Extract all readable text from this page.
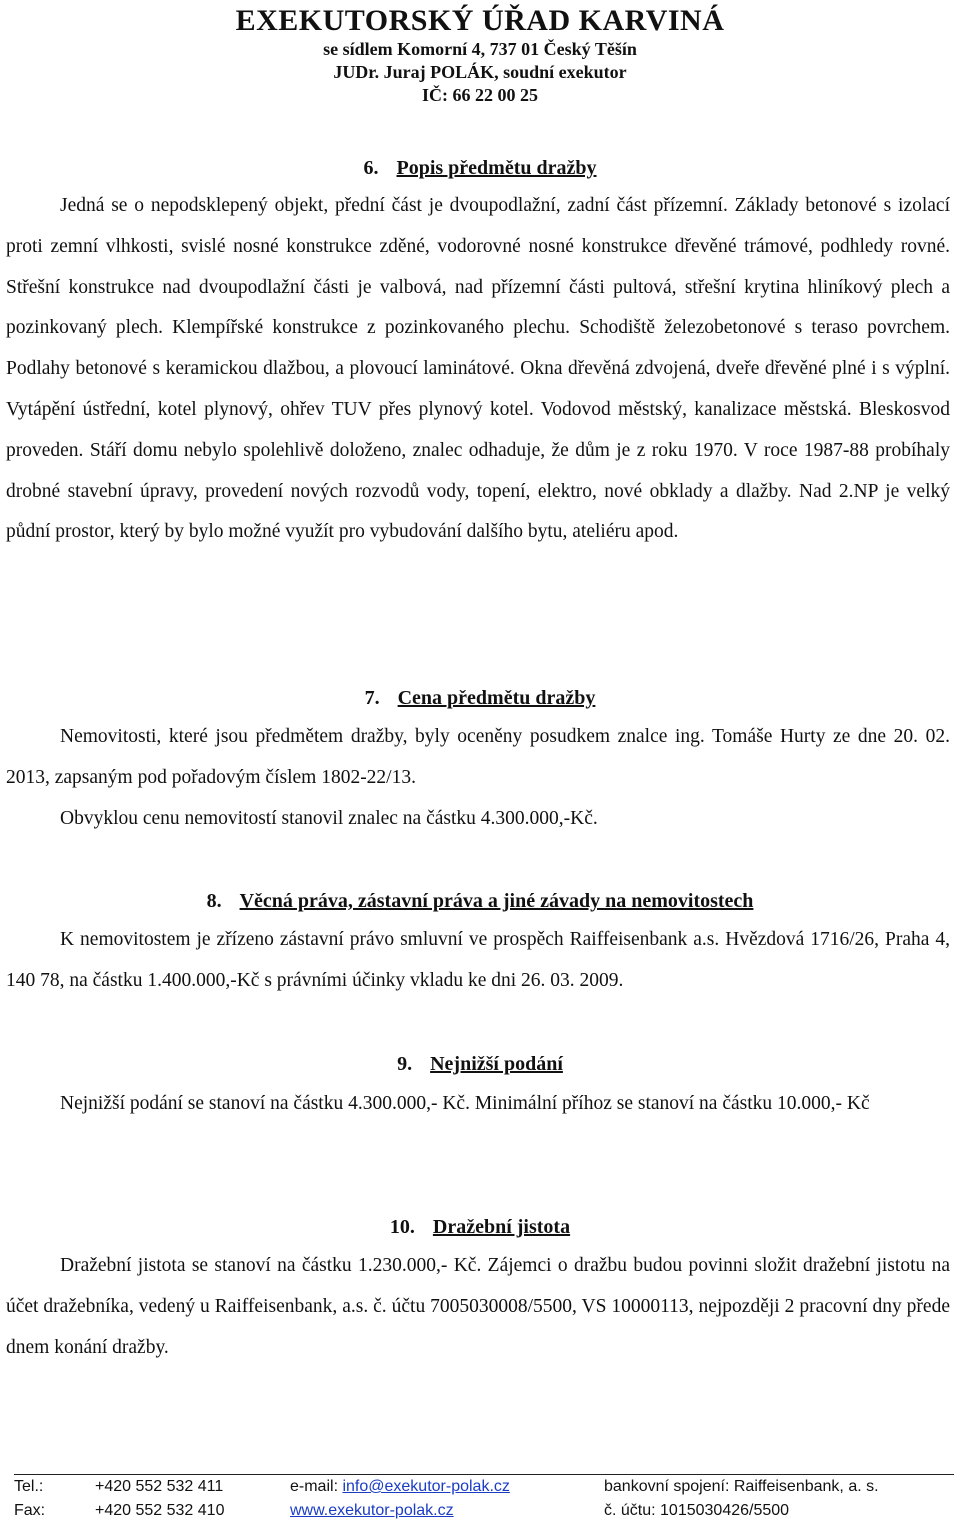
EXEKUTORSKÝ ÚŘAD KARVINÁ
se sídlem Komorní 4, 737 01 Český Těšín
JUDr. Juraj POLÁK, soudní exekutor
IČ: 66 22 00 25
6. Popis předmětu dražby

Jedná se o nepodsklepený objekt, přední část je dvoupodlažní, zadní část přízemní. Základy betonové s izolací proti zemní vlhkosti, svislé nosné konstrukce zděné, vodorovné nosné konstrukce dřevěné trámové, podhledy rovné. Střešní konstrukce nad dvoupodlažní části je valbová, nad přízemní části pultová, střešní krytina hliníkový plech a pozinkovaný plech. Klempířské konstrukce z pozinkovaného plechu. Schodiště železobetonové s teraso povrchem. Podlahy betonové s keramickou dlažbou, a plovoucí laminátové. Okna dřevěná zdvojená, dveře dřevěné plné i s výplní. Vytápění ústřední, kotel plynový, ohřev TUV přes plynový kotel. Vodovod městský, kanalizace městská. Bleskosvod proveden. Stáří domu nebylo spolehlivě doloženo, znalec odhaduje, že dům je z roku 1970. V roce 1987-88 probíhaly drobné stavební úpravy, provedení nových rozvodů vody, topení, elektro, nové obklady a dlažby. Nad 2.NP je velký půdní prostor, který by bylo možné využít pro vybudování dalšího bytu, ateliéru apod.

7. Cena předmětu dražby

Nemovitosti, které jsou předmětem dražby, byly oceněny posudkem znalce ing. Tomáše Hurty ze dne 20. 02. 2013, zapsaným pod pořadovým číslem 1802-22/13.

Obvyklou cenu nemovitostí stanovil znalec na částku 4.300.000,-Kč.

8. Věcná práva, zástavní práva a jiné závady na nemovitostech

K nemovitostem je zřízeno zástavní právo smluvní ve prospěch Raiffeisenbank a.s. Hvězdová 1716/26, Praha 4, 140 78, na částku 1.400.000,-Kč s právními účinky vkladu ke dni 26. 03. 2009.

9. Nejnižší podání

Nejnižší podání se stanoví na částku 4.300.000,- Kč. Minimální příhoz se stanoví na částku 10.000,- Kč

10. Dražební jistota

Dražební jistota se stanoví na částku 1.230.000,- Kč. Zájemci o dražbu budou povinni složit dražební jistotu na účet dražebníka, vedený u Raiffeisenbank, a.s. č. účtu 7005030008/5500, VS 10000113, nejpozději 2 pracovní dny přede dnem konání dražby.

Tel.:	+420 552 532 411	e-mail: info@exekutor-polak.cz	bankovní spojení: Raiffeisenbank, a. s.
Fax:	+420 552 532 410	www.exekutor-polak.cz	č. účtu: 1015030426/5500
